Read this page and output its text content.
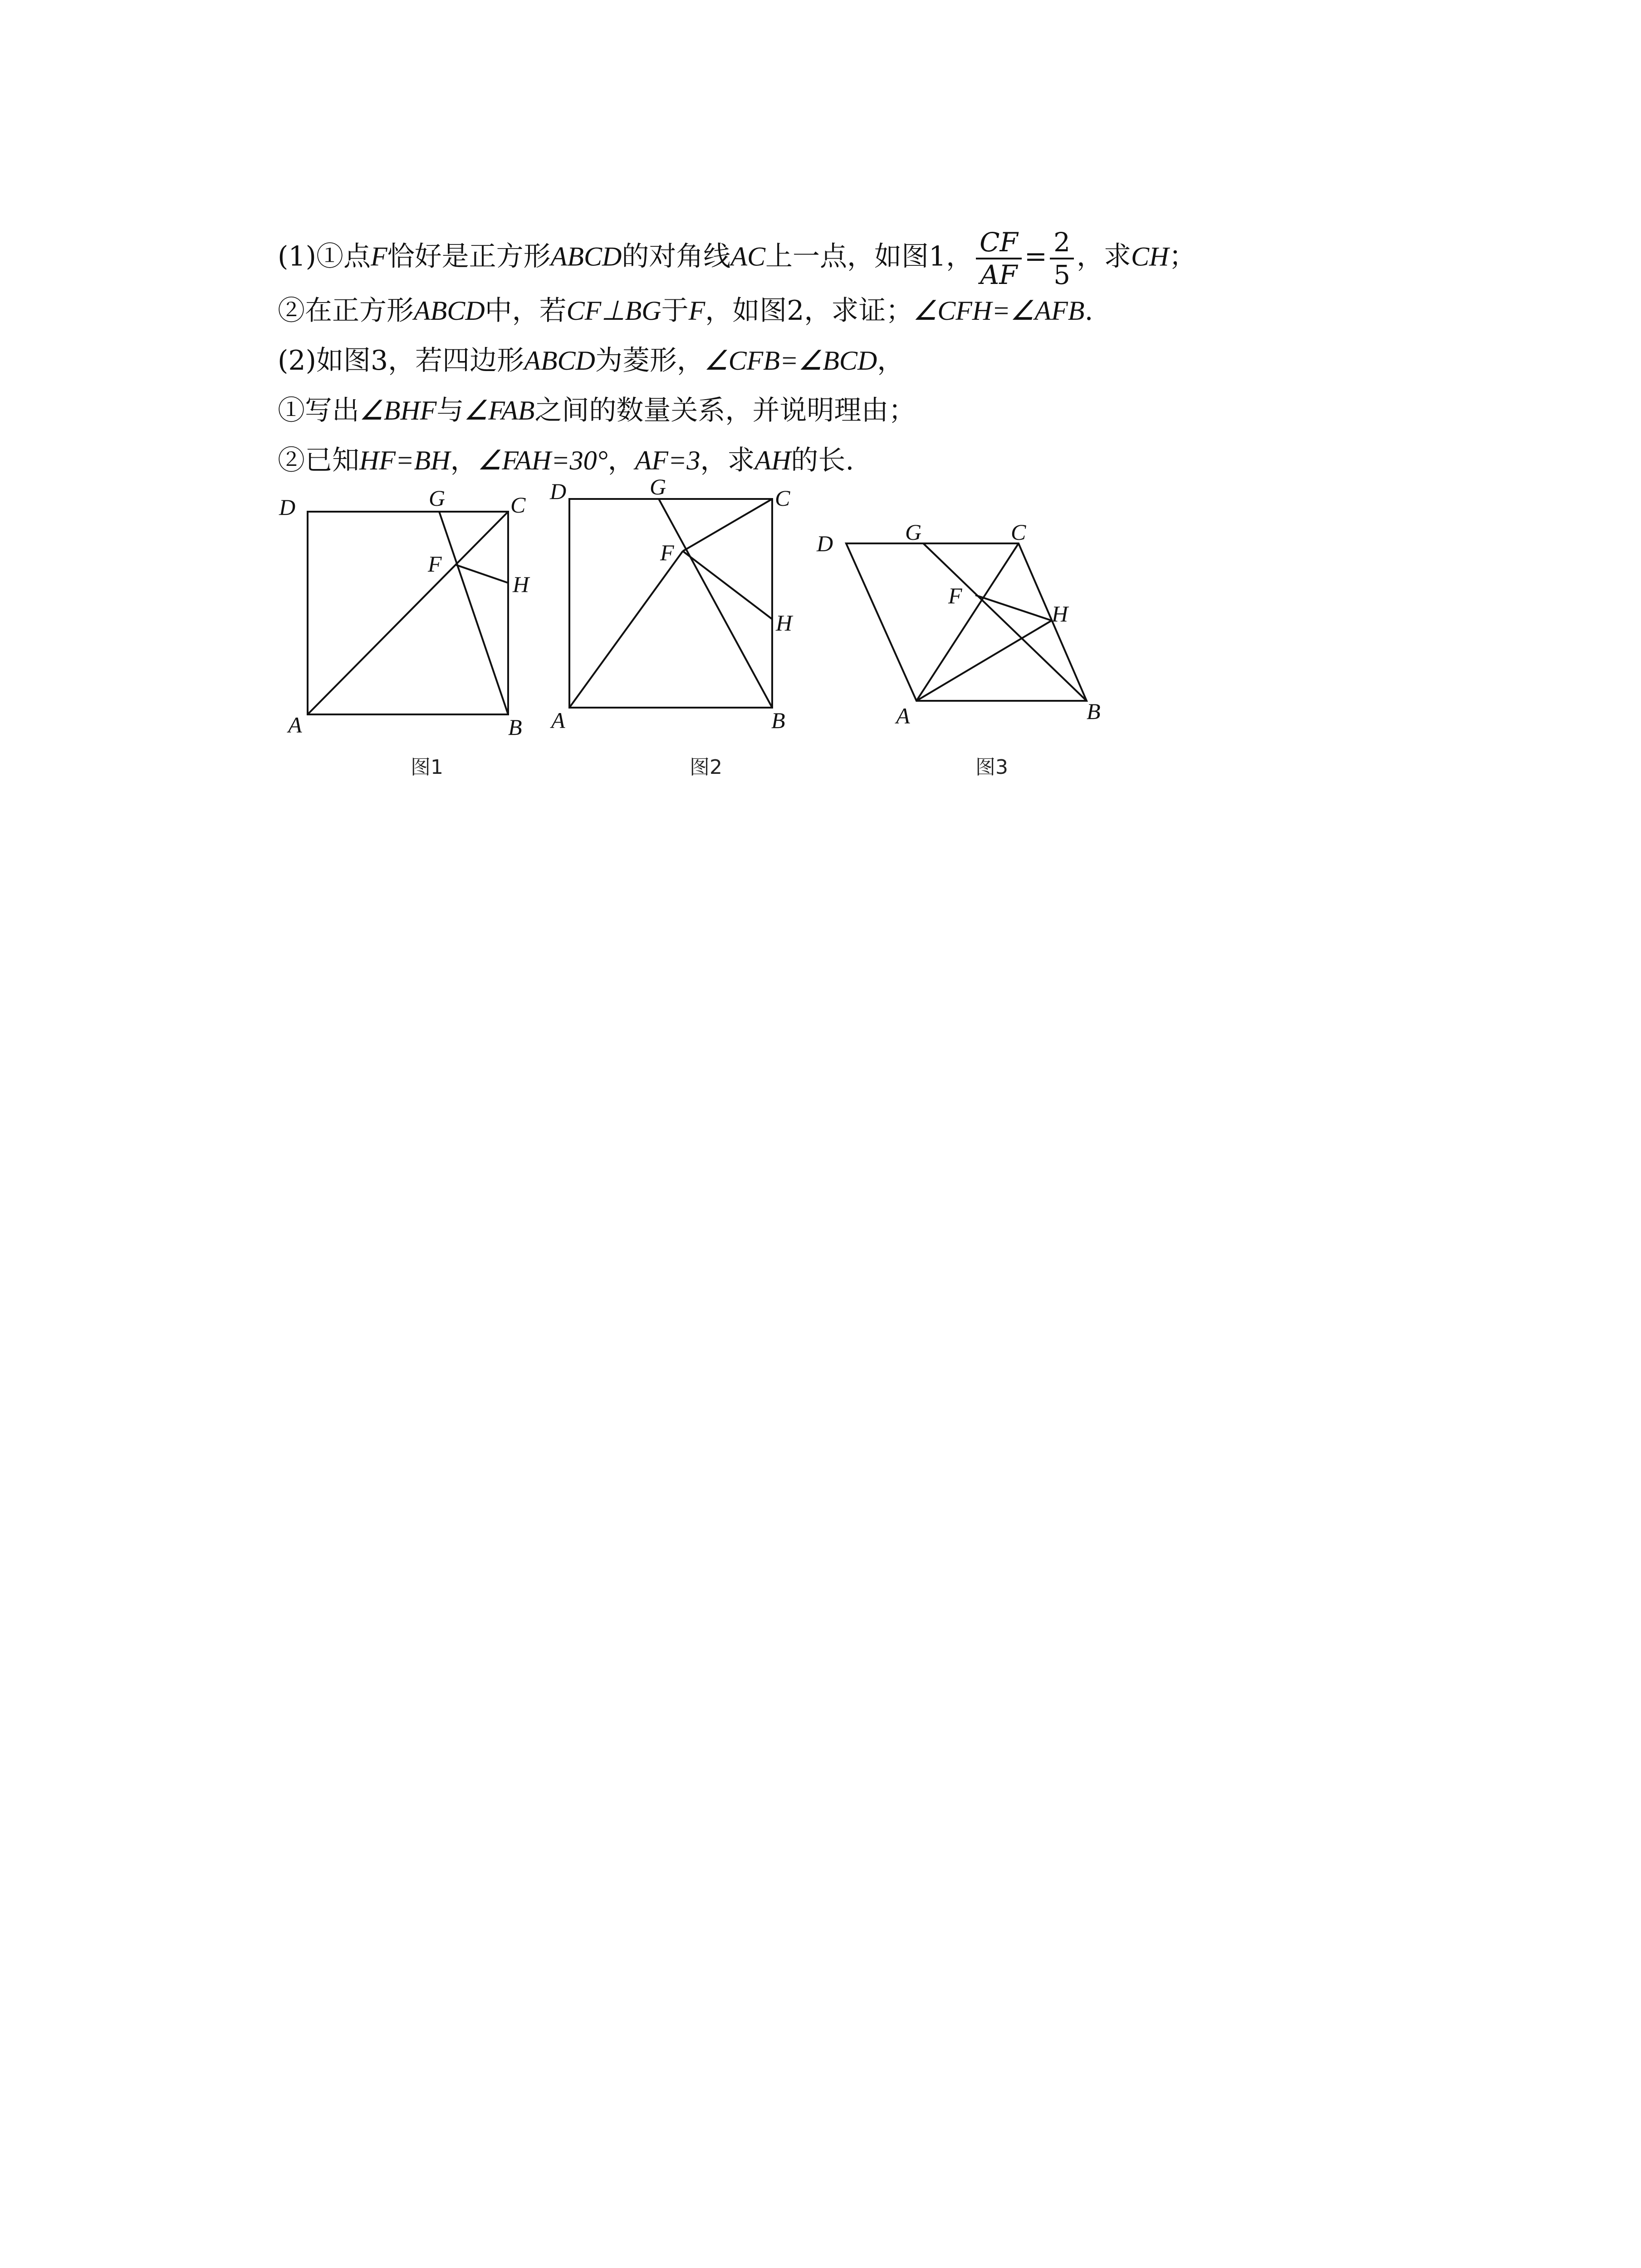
(1)①点F恰好是正方形ABCD的对角线AC上一点，如图1， $\frac{CF}{AF} = \frac{2}{5}$ ，求CH；
②在正方形ABCD中，若CF⊥BG于F，如图2，求证；∠CFH=∠AFB.
(2)如图3，若四边形ABCD为菱形，∠CFB=∠BCD，
①写出∠BHF与∠FAB之间的数量关系，并说明理由；
②已知HF=BH，∠FAH=30°，AF=3，求AH的长.
D	G	C
F
H
A	B
图1
D	G	C
F
H
A	B
图2
D	G	C
F
H
A	B
图3
